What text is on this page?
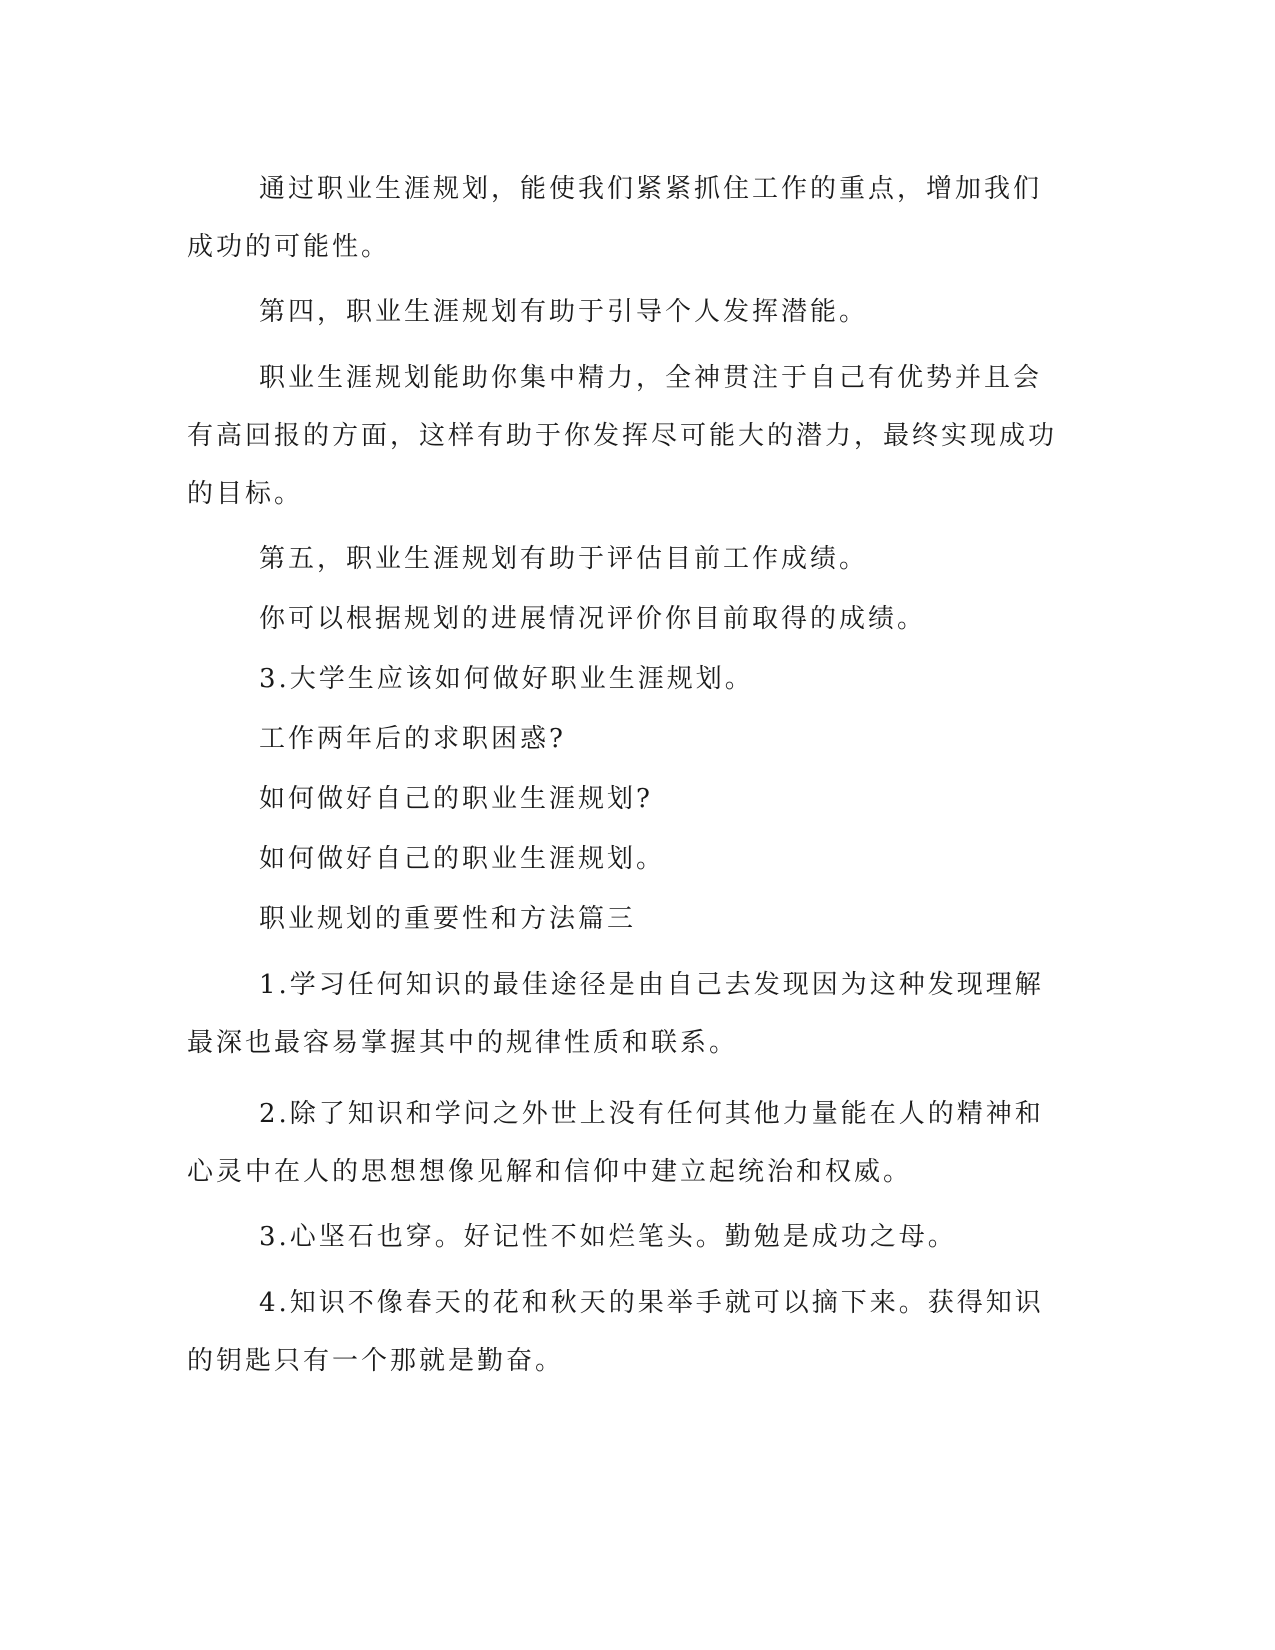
通过职业生涯规划，能使我们紧紧抓住工作的重点，增加我们成功的可能性。

第四，职业生涯规划有助于引导个人发挥潜能。

职业生涯规划能助你集中精力，全神贯注于自己有优势并且会有高回报的方面，这样有助于你发挥尽可能大的潜力，最终实现成功的目标。

第五，职业生涯规划有助于评估目前工作成绩。

你可以根据规划的进展情况评价你目前取得的成绩。

3.大学生应该如何做好职业生涯规划。

工作两年后的求职困惑?

如何做好自己的职业生涯规划?

如何做好自己的职业生涯规划。

职业规划的重要性和方法篇三

1.学习任何知识的最佳途径是由自己去发现因为这种发现理解最深也最容易掌握其中的规律性质和联系。

2.除了知识和学问之外世上没有任何其他力量能在人的精神和心灵中在人的思想想像见解和信仰中建立起统治和权威。

3.心坚石也穿。好记性不如烂笔头。勤勉是成功之母。

4.知识不像春天的花和秋天的果举手就可以摘下来。获得知识的钥匙只有一个那就是勤奋。
